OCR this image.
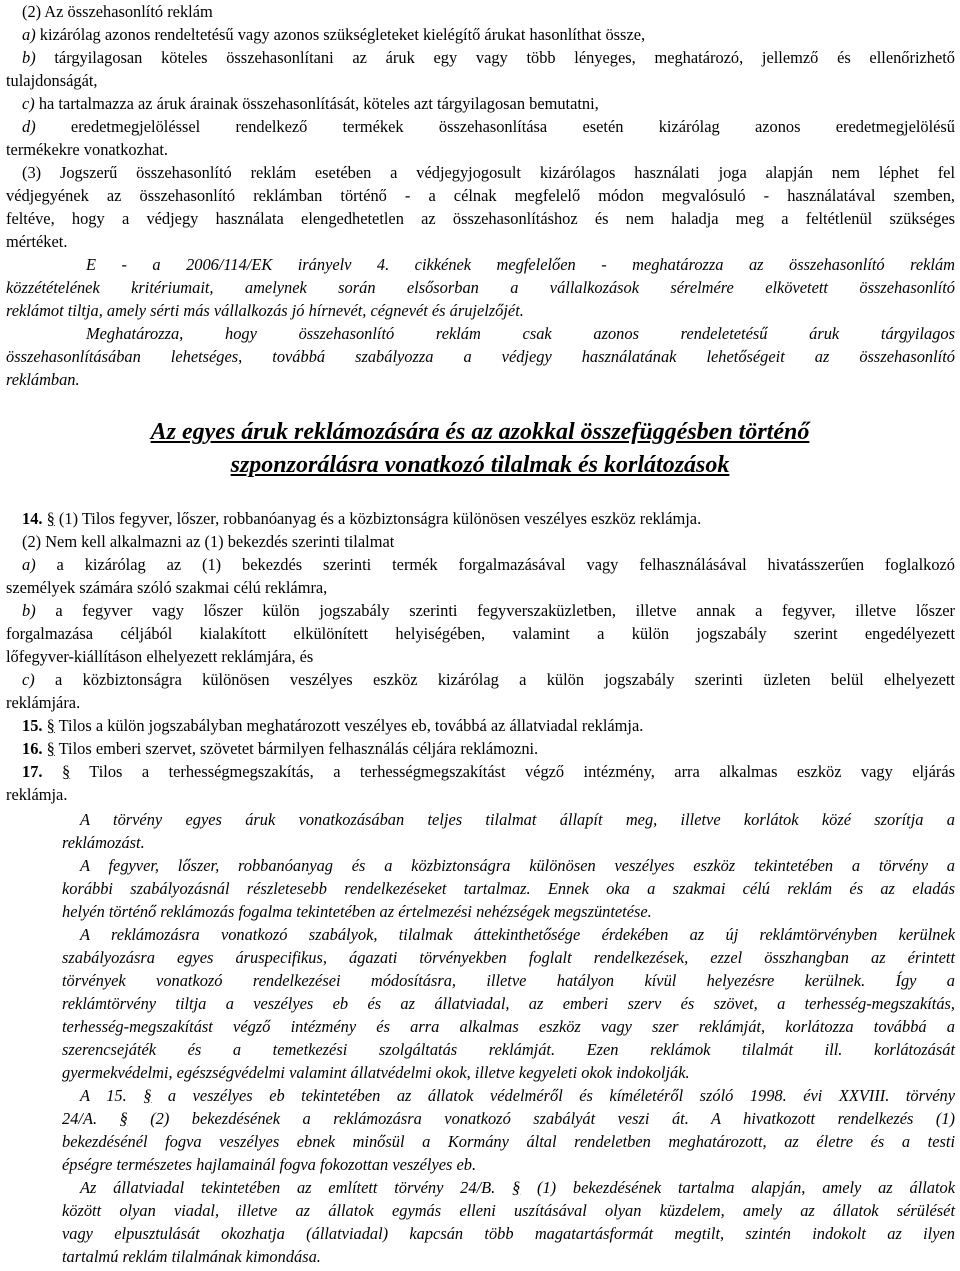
(2) Az összehasonlító reklám
a) kizárólag azonos rendeltetésű vagy azonos szükségleteket kielégítő árukat hasonlíthat össze,
b) tárgyilagosan köteles összehasonlítani az áruk egy vagy több lényeges, meghatározó, jellemző és ellenőrizhető
tulajdonságát,
c) ha tartalmazza az áruk árainak összehasonlítását, köteles azt tárgyilagosan bemutatni,
d) eredetmegjelöléssel rendelkező termékek összehasonlítása esetén kizárólag azonos eredetmegjelölésű
termékekre vonatkozhat.
(3) Jogszerű összehasonlító reklám esetében a védjegyjogosult kizárólagos használati joga alapján nem léphet fel
védjegyének az összehasonlító reklámban történő - a célnak megfelelő módon megvalósuló - használatával szemben,
feltéve, hogy a védjegy használata elengedhetetlen az összehasonlításhoz és nem haladja meg a feltétlenül szükséges
mértéket.
E - a 2006/114/EK irányelv 4. cikkének megfelelően - meghatározza az összehasonlító reklám
közzétételének kritériumait, amelynek során elsősorban a vállalkozások sérelmére elkövetett összehasonlító
reklámot tiltja, amely sérti más vállalkozás jó hírnevét, cégnevét és árujelzőjét.
Meghatározza, hogy összehasonlító reklám csak azonos rendeletetésű áruk tárgyilagos
összehasonlításában lehetséges, továbbá szabályozza a védjegy használatának lehetőségeit az összehasonlító
reklámban.
14. § (1) Tilos fegyver, lőszer, robbanóanyag és a közbiztonságra különösen veszélyes eszköz reklámja.
(2) Nem kell alkalmazni az (1) bekezdés szerinti tilalmat
a) a kizárólag az (1) bekezdés szerinti termék forgalmazásával vagy felhasználásával hivatásszerűen foglalkozó
személyek számára szóló szakmai célú reklámra,
b) a fegyver vagy lőszer külön jogszabály szerinti fegyverszaküzletben, illetve annak a fegyver, illetve lőszer
forgalmazása céljából kialakított elkülönített helyiségében, valamint a külön jogszabály szerint engedélyezett
lőfegyver-kiállításon elhelyezett reklámjára, és
c) a közbiztonságra különösen veszélyes eszköz kizárólag a külön jogszabály szerinti üzleten belül elhelyezett
reklámjára.
15. § Tilos a külön jogszabályban meghatározott veszélyes eb, továbbá az állatviadal reklámja.
16. § Tilos emberi szervet, szövetet bármilyen felhasználás céljára reklámozni.
17. § Tilos a terhességmegszakítás, a terhességmegszakítást végző intézmény, arra alkalmas eszköz vagy eljárás
reklámja.
A törvény egyes áruk vonatkozásában teljes tilalmat állapít meg, illetve korlátok közé szorítja a
reklámozást.
A fegyver, lőszer, robbanóanyag és a közbiztonságra különösen veszélyes eszköz tekintetében a törvény a
korábbi szabályozásnál részletesebb rendelkezéseket tartalmaz. Ennek oka a szakmai célú reklám és az eladás
helyén történő reklámozás fogalma tekintetében az értelmezési nehézségek megszüntetése.
A reklámozásra vonatkozó szabályok, tilalmak áttekinthetősége érdekében az új reklámtörvényben kerülnek
szabályozásra egyes áruspecifikus, ágazati törvényekben foglalt rendelkezések, ezzel összhangban az érintett
törvények vonatkozó rendelkezései módosításra, illetve hatályon kívül helyezésre kerülnek. Így a
reklámtörvény tiltja a veszélyes eb és az állatviadal, az emberi szerv és szövet, a terhesség-megszakítás,
terhesség-megszakítást végző intézmény és arra alkalmas eszköz vagy szer reklámját, korlátozza továbbá a
szerencsejáték és a temetkezési szolgáltatás reklámját. Ezen reklámok tilalmát ill. korlátozását
gyermekvédelmi, egészségvédelmi valamint állatvédelmi okok, illetve kegyeleti okok indokolják.
A 15. § a veszélyes eb tekintetében az állatok védelméről és kíméletéről szóló 1998. évi XXVIII. törvény
24/A. § (2) bekezdésének a reklámozásra vonatkozó szabályát veszi át. A hivatkozott rendelkezés (1)
bekezdésénél fogva veszélyes ebnek minősül a Kormány által rendeletben meghatározott, az életre és a testi
épségre természetes hajlamainál fogva fokozottan veszélyes eb.
Az állatviadal tekintetében az említett törvény 24/B. § (1) bekezdésének tartalma alapján, amely az állatok
között olyan viadal, illetve az állatok egymás elleni uszításával olyan küzdelem, amely az állatok sérülését
vagy elpusztulását okozhatja (állatviadal) kapcsán több magatartásformát megtilt, szintén indokolt az ilyen
tartalmú reklám tilalmának kimondása.
Az egyes áruk reklámozására és az azokkal összefüggésben történő
szponzorálásra vonatkozó tilalmak és korlátozások
